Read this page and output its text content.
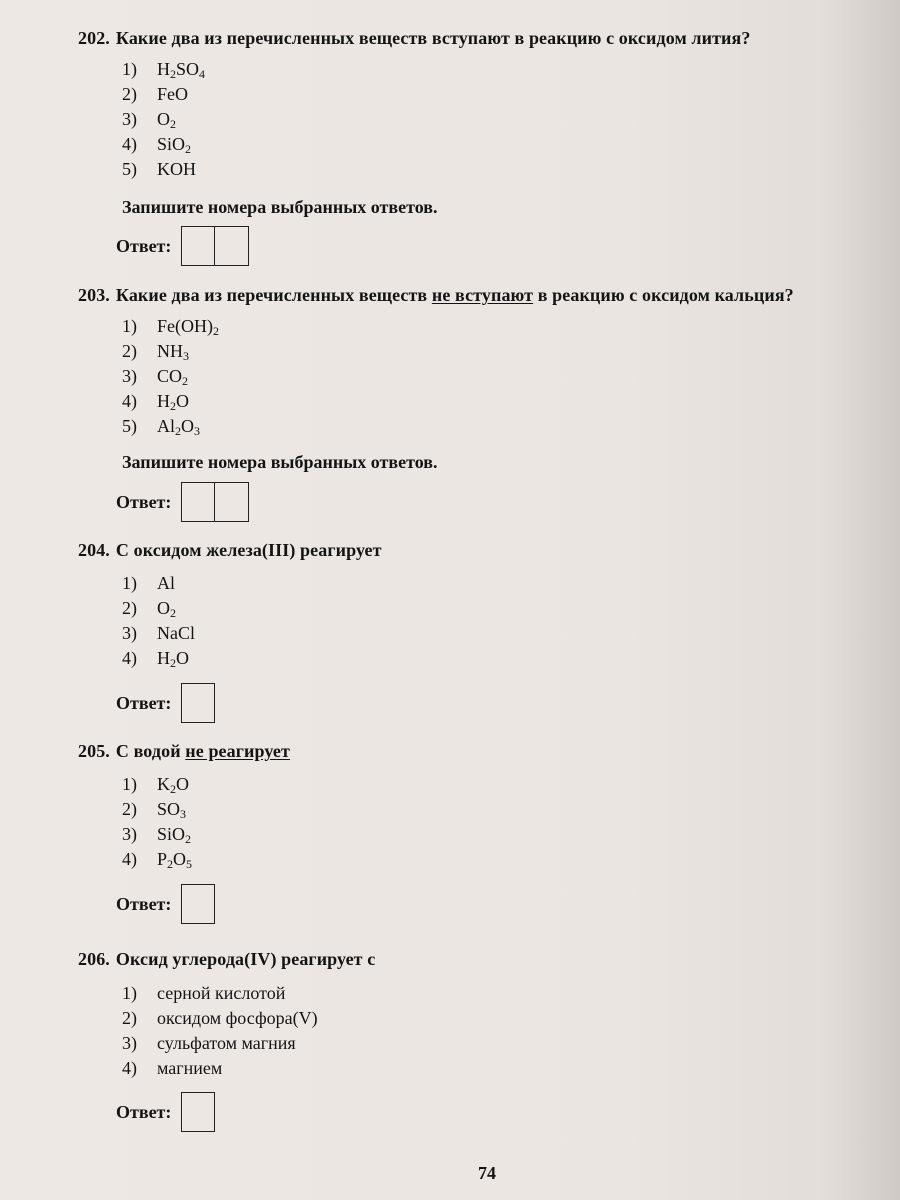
202. Какие два из перечисленных веществ вступают в реакцию с оксидом лития?
1) $H_2SO_4$
2) FeO
3) $O_2$
4) SiO$_2$
5) KOH
Запишите номера выбранных ответов.
Ответ:
203. Какие два из перечисленных веществ не вступают в реакцию с оксидом кальция?
1) $Fe(OH)_2$
2) $NH_3$
3) $CO_2$
4) $H_2O$
5) $Al_2O_3$
Запишите номера выбранных ответов.
Ответ:
204. С оксидом железа(III) реагирует
1) Al
2) $O_2$
3) NaCl
4) $H_2O$
Ответ:
205. С водой не реагирует
1) $K_2O$
2) $SO_3$
3) SiO$_2$
4) $P_2O_5$
Ответ:
206. Оксид углерода(IV) реагирует с
1) серной кислотой
2) оксидом фосфора(V)
3) сульфатом магния
4) магнием
Ответ:
74
